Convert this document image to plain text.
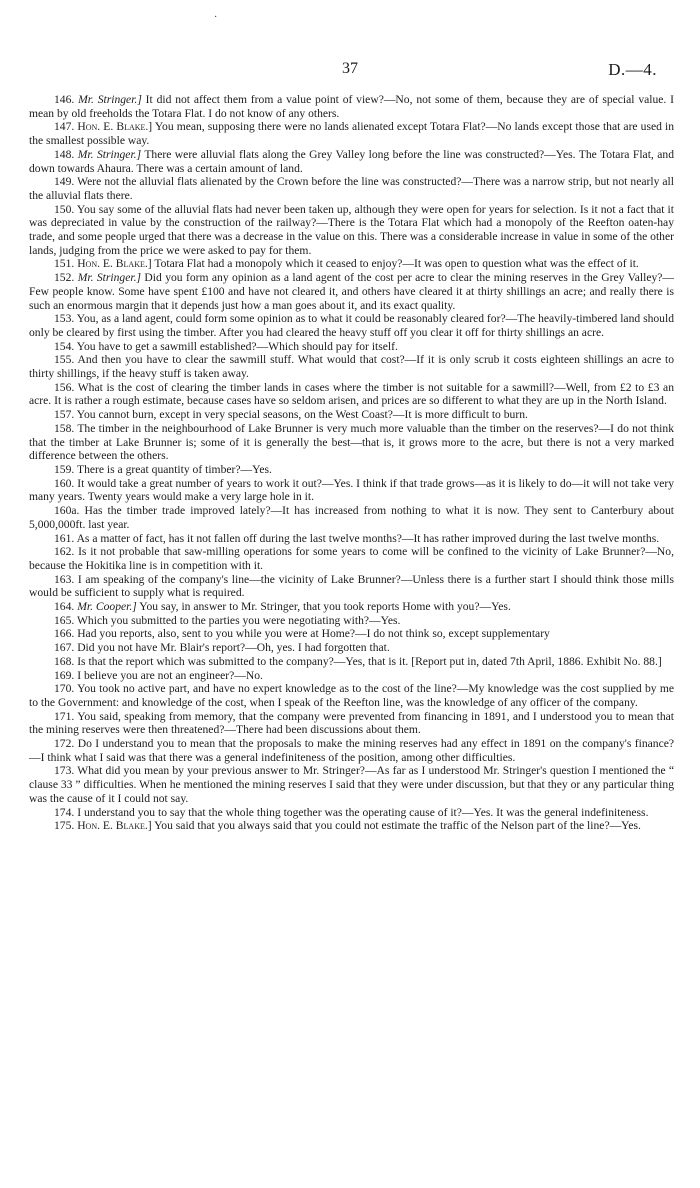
·
37	D.—4.

146. Mr. Stringer.] It did not affect them from a value point of view?—No, not some of them, because they are of special value. I mean by old freeholds the Totara Flat. I do not know of any others.

147. Hon. E. Blake.] You mean, supposing there were no lands alienated except Totara Flat?—No lands except those that are used in the smallest possible way.

148. Mr. Stringer.] There were alluvial flats along the Grey Valley long before the line was constructed?—Yes. The Totara Flat, and down towards Ahaura. There was a certain amount of land.

149. Were not the alluvial flats alienated by the Crown before the line was constructed?—There was a narrow strip, but not nearly all the alluvial flats there.

150. You say some of the alluvial flats had never been taken up, although they were open for years for selection. Is it not a fact that it was depreciated in value by the construction of the railway?—There is the Totara Flat which had a monopoly of the Reefton oaten-hay trade, and some people urged that there was a decrease in the value on this. There was a considerable increase in value in some of the other lands, judging from the price we were asked to pay for them.

151. Hon. E. Blake.] Totara Flat had a monopoly which it ceased to enjoy?—It was open to question what was the effect of it.

152. Mr. Stringer.] Did you form any opinion as a land agent of the cost per acre to clear the mining reserves in the Grey Valley?—Few people know. Some have spent £100 and have not cleared it, and others have cleared it at thirty shillings an acre; and really there is such an enormous margin that it depends just how a man goes about it, and its exact quality.

153. You, as a land agent, could form some opinion as to what it could be reasonably cleared for?—The heavily-timbered land should only be cleared by first using the timber. After you had cleared the heavy stuff off you clear it off for thirty shillings an acre.

154. You have to get a sawmill established?—Which should pay for itself.

155. And then you have to clear the sawmill stuff. What would that cost?—If it is only scrub it costs eighteen shillings an acre to thirty shillings, if the heavy stuff is taken away.

156. What is the cost of clearing the timber lands in cases where the timber is not suitable for a sawmill?—Well, from £2 to £3 an acre. It is rather a rough estimate, because cases have so seldom arisen, and prices are so different to what they are up in the North Island.

157. You cannot burn, except in very special seasons, on the West Coast?—It is more difficult to burn.

158. The timber in the neighbourhood of Lake Brunner is very much more valuable than the timber on the reserves?—I do not think that the timber at Lake Brunner is; some of it is generally the best—that is, it grows more to the acre, but there is not a very marked difference between the others.

159. There is a great quantity of timber?—Yes.

160. It would take a great number of years to work it out?—Yes. I think if that trade grows—as it is likely to do—it will not take very many years. Twenty years would make a very large hole in it.

160a. Has the timber trade improved lately?—It has increased from nothing to what it is now. They sent to Canterbury about 5,000,000ft. last year.

161. As a matter of fact, has it not fallen off during the last twelve months?—It has rather improved during the last twelve months.

162. Is it not probable that saw-milling operations for some years to come will be confined to the vicinity of Lake Brunner?—No, because the Hokitika line is in competition with it.

163. I am speaking of the company's line—the vicinity of Lake Brunner?—Unless there is a further start I should think those mills would be sufficient to supply what is required.

164. Mr. Cooper.] You say, in answer to Mr. Stringer, that you took reports Home with you?—Yes.

165. Which you submitted to the parties you were negotiating with?—Yes.

166. Had you reports, also, sent to you while you were at Home?—I do not think so, except supplementary

167. Did you not have Mr. Blair's report?—Oh, yes. I had forgotten that.

168. Is that the report which was submitted to the company?—Yes, that is it. [Report put in, dated 7th April, 1886. Exhibit No. 88.]

169. I believe you are not an engineer?—No.

170. You took no active part, and have no expert knowledge as to the cost of the line?—My knowledge was the cost supplied by me to the Government: and knowledge of the cost, when I speak of the Reefton line, was the knowledge of any officer of the company.

171. You said, speaking from memory, that the company were prevented from financing in 1891, and I understood you to mean that the mining reserves were then threatened?—There had been discussions about them.

172. Do I understand you to mean that the proposals to make the mining reserves had any effect in 1891 on the company's finance?—I think what I said was that there was a general indefiniteness of the position, among other difficulties.

173. What did you mean by your previous answer to Mr. Stringer?—As far as I understood Mr. Stringer's question I mentioned the “ clause 33 ” difficulties. When he mentioned the mining reserves I said that they were under discussion, but that they or any particular thing was the cause of it I could not say.

174. I understand you to say that the whole thing together was the operating cause of it?—Yes. It was the general indefiniteness.

175. Hon. E. Blake.] You said that you always said that you could not estimate the traffic of the Nelson part of the line?—Yes.
